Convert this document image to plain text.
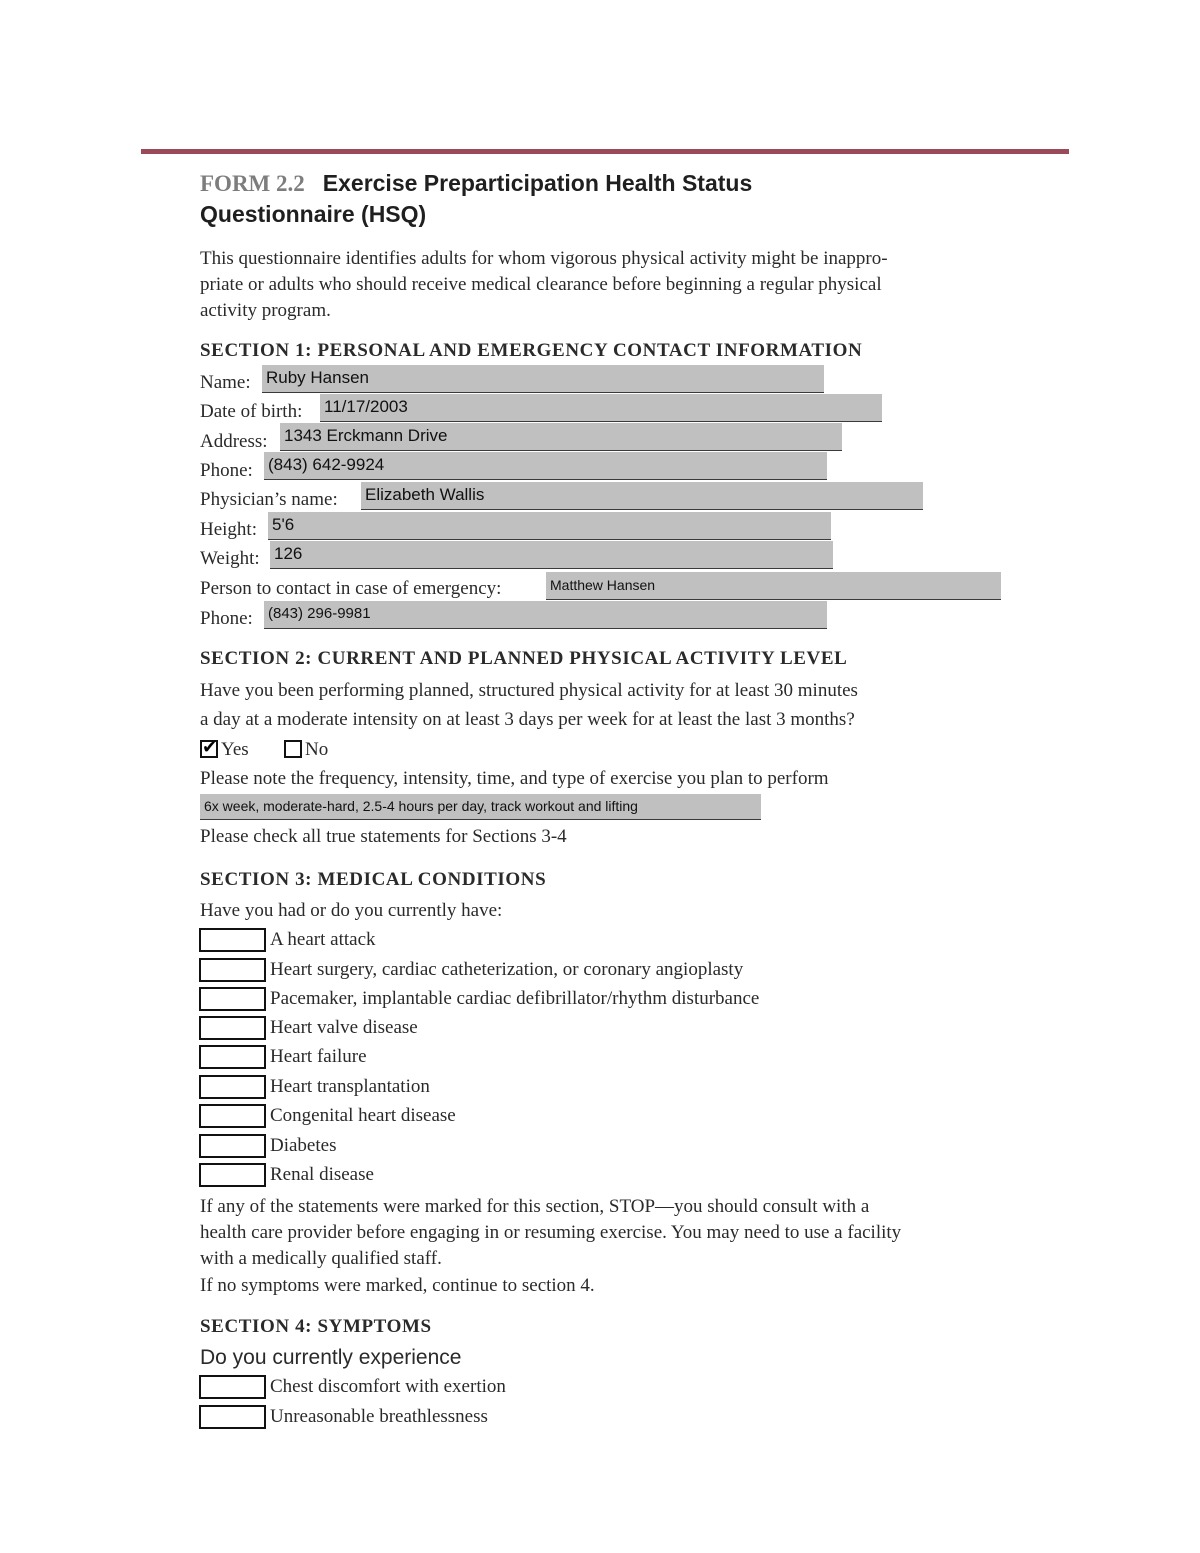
FORM 2.2 Exercise Preparticipation Health Status
Questionnaire (HSQ)
This questionnaire identifies adults for whom vigorous physical activity might be inappro-
priate or adults who should receive medical clearance before beginning a regular physical
activity program.
SECTION 1: PERSONAL AND EMERGENCY CONTACT INFORMATION
Name: Ruby Hansen
Date of birth: 11/17/2003
Address: 1343 Erckmann Drive
Phone: (843) 642-9924
Physician’s name: Elizabeth Wallis
Height: 5'6
Weight: 126
Person to contact in case of emergency:	Matthew Hansen
Phone: (843) 296-9981
SECTION 2: CURRENT AND PLANNED PHYSICAL ACTIVITY LEVEL
Have you been performing planned, structured physical activity for at least 30 minutes
a day at a moderate intensity on at least 3 days per week for at least the last 3 months?
✔ Yes	No
Please note the frequency, intensity, time, and type of exercise you plan to perform
6x week, moderate-hard, 2.5-4 hours per day, track workout and lifting
Please check all true statements for Sections 3-4
SECTION 3: MEDICAL CONDITIONS
Have you had or do you currently have:
A heart attack
Heart surgery, cardiac catheterization, or coronary angioplasty
Pacemaker, implantable cardiac defibrillator/rhythm disturbance
Heart valve disease
Heart failure
Heart transplantation
Congenital heart disease
Diabetes
Renal disease
If any of the statements were marked for this section, STOP—you should consult with a
health care provider before engaging in or resuming exercise. You may need to use a facility
with a medically qualified staff.
If no symptoms were marked, continue to section 4.
SECTION 4: SYMPTOMS
Do you currently experience
Chest discomfort with exertion
Unreasonable breathlessness
